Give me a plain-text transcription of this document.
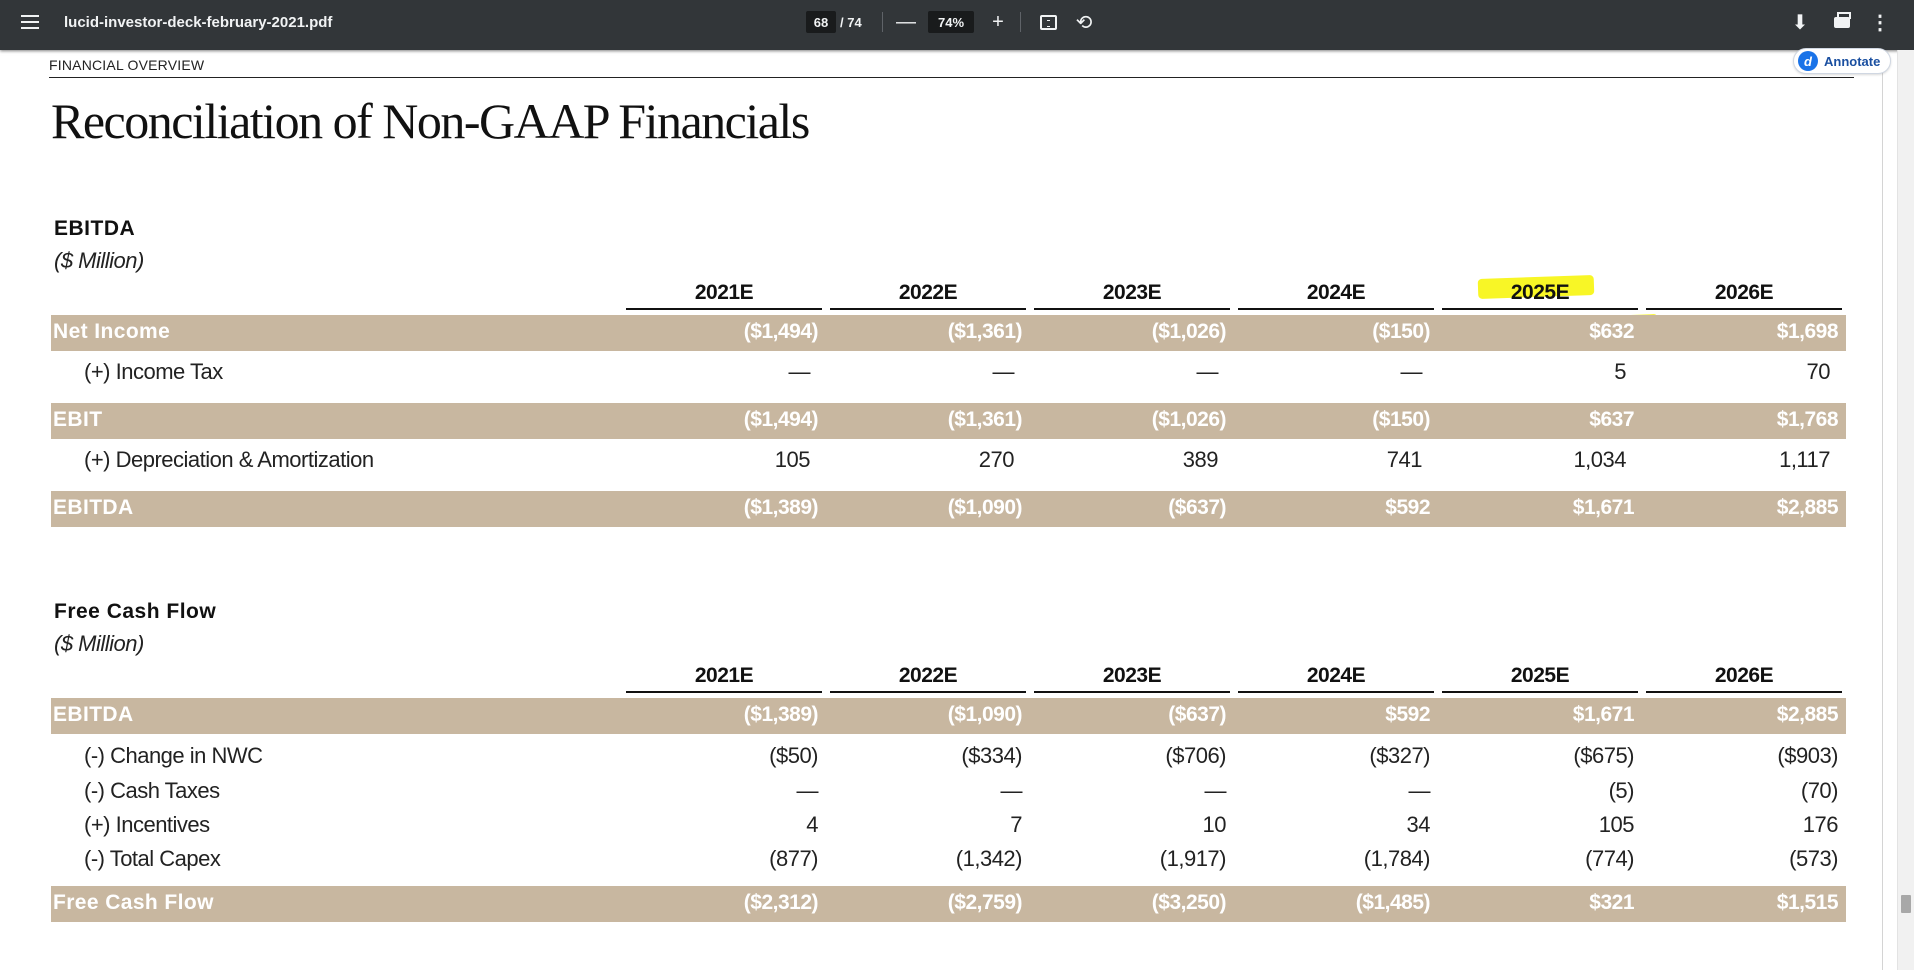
lucid-investor-deck-february-2021.pdf	68 / 74	—	74%	+	⟲	⬇	⋮
d Annotate
FINANCIAL OVERVIEW
Reconciliation of Non-GAAP Financials
EBITDA
($ Million)
2021E	2022E	2023E	2024E	2025E	2026E
Net Income	($1,494)	($1,361)	($1,026)	($150)	$632	$1,698
(+) Income Tax	—	—	—	—	5	70
EBIT	($1,494)	($1,361)	($1,026)	($150)	$637	$1,768
(+) Depreciation & Amortization	105	270	389	741	1,034	1,117
EBITDA	($1,389)	($1,090)	($637)	$592	$1,671	$2,885
Free Cash Flow
($ Million)
2021E	2022E	2023E	2024E	2025E	2026E
EBITDA	($1,389)	($1,090)	($637)	$592	$1,671	$2,885
(-) Change in NWC	($50)	($334)	($706)	($327)	($675)	($903)
(-) Cash Taxes	—	—	—	—	(5)	(70)
(+) Incentives	4	7	10	34	105	176
(-) Total Capex	(877)	(1,342)	(1,917)	(1,784)	(774)	(573)
Free Cash Flow	($2,312)	($2,759)	($3,250)	($1,485)	$321	$1,515
